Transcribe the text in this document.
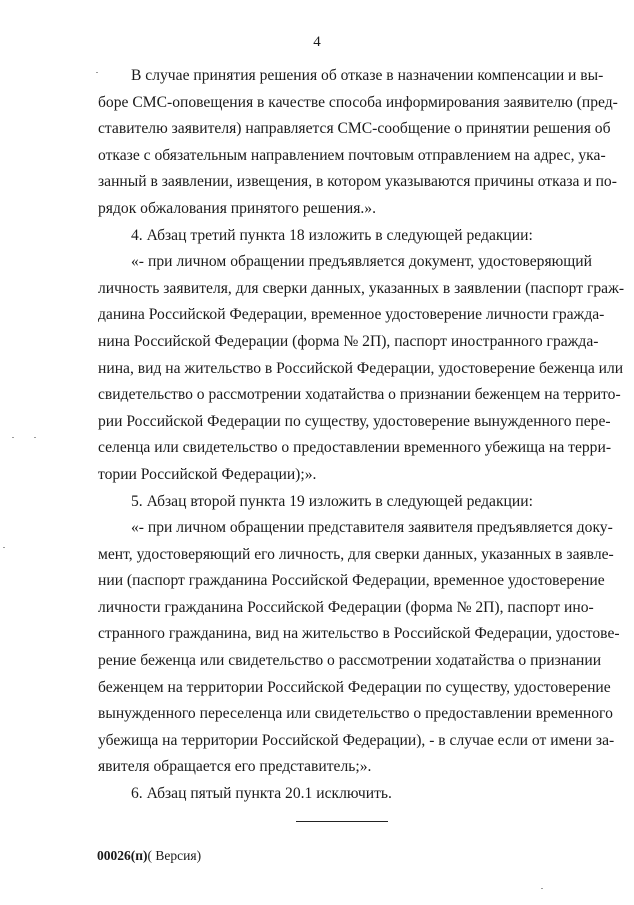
4
В случае принятия решения об отказе в назначении компенсации и вы-
боре СМС-оповещения в качестве способа информирования заявителю (пред-
ставителю заявителя) направляется СМС-сообщение о принятии решения об
отказе с обязательным направлением почтовым отправлением на адрес, ука-
занный в заявлении, извещения, в котором указываются причины отказа и по-
рядок обжалования принятого решения.».
4. Абзац третий пункта 18 изложить в следующей редакции:
«- при личном обращении предъявляется документ, удостоверяющий
личность заявителя, для сверки данных, указанных в заявлении (паспорт граж-
данина Российской Федерации, временное удостоверение личности гражда-
нина Российской Федерации (форма № 2П), паспорт иностранного гражда-
нина, вид на жительство в Российской Федерации, удостоверение беженца или
свидетельство о рассмотрении ходатайства о признании беженцем на террито-
рии Российской Федерации по существу, удостоверение вынужденного пере-
селенца или свидетельство о предоставлении временного убежища на терри-
тории Российской Федерации);».
5. Абзац второй пункта 19 изложить в следующей редакции:
«- при личном обращении представителя заявителя предъявляется доку-
мент, удостоверяющий его личность, для сверки данных, указанных в заявле-
нии (паспорт гражданина Российской Федерации, временное удостоверение
личности гражданина Российской Федерации (форма № 2П), паспорт ино-
странного гражданина, вид на жительство в Российской Федерации, удостове-
рение беженца или свидетельство о рассмотрении ходатайства о признании
беженцем на территории Российской Федерации по существу, удостоверение
вынужденного переселенца или свидетельство о предоставлении временного
убежища на территории Российской Федерации), - в случае если от имени за-
явителя обращается его представитель;».
6. Абзац пятый пункта 20.1 исключить.
00026(п)( Версия)
